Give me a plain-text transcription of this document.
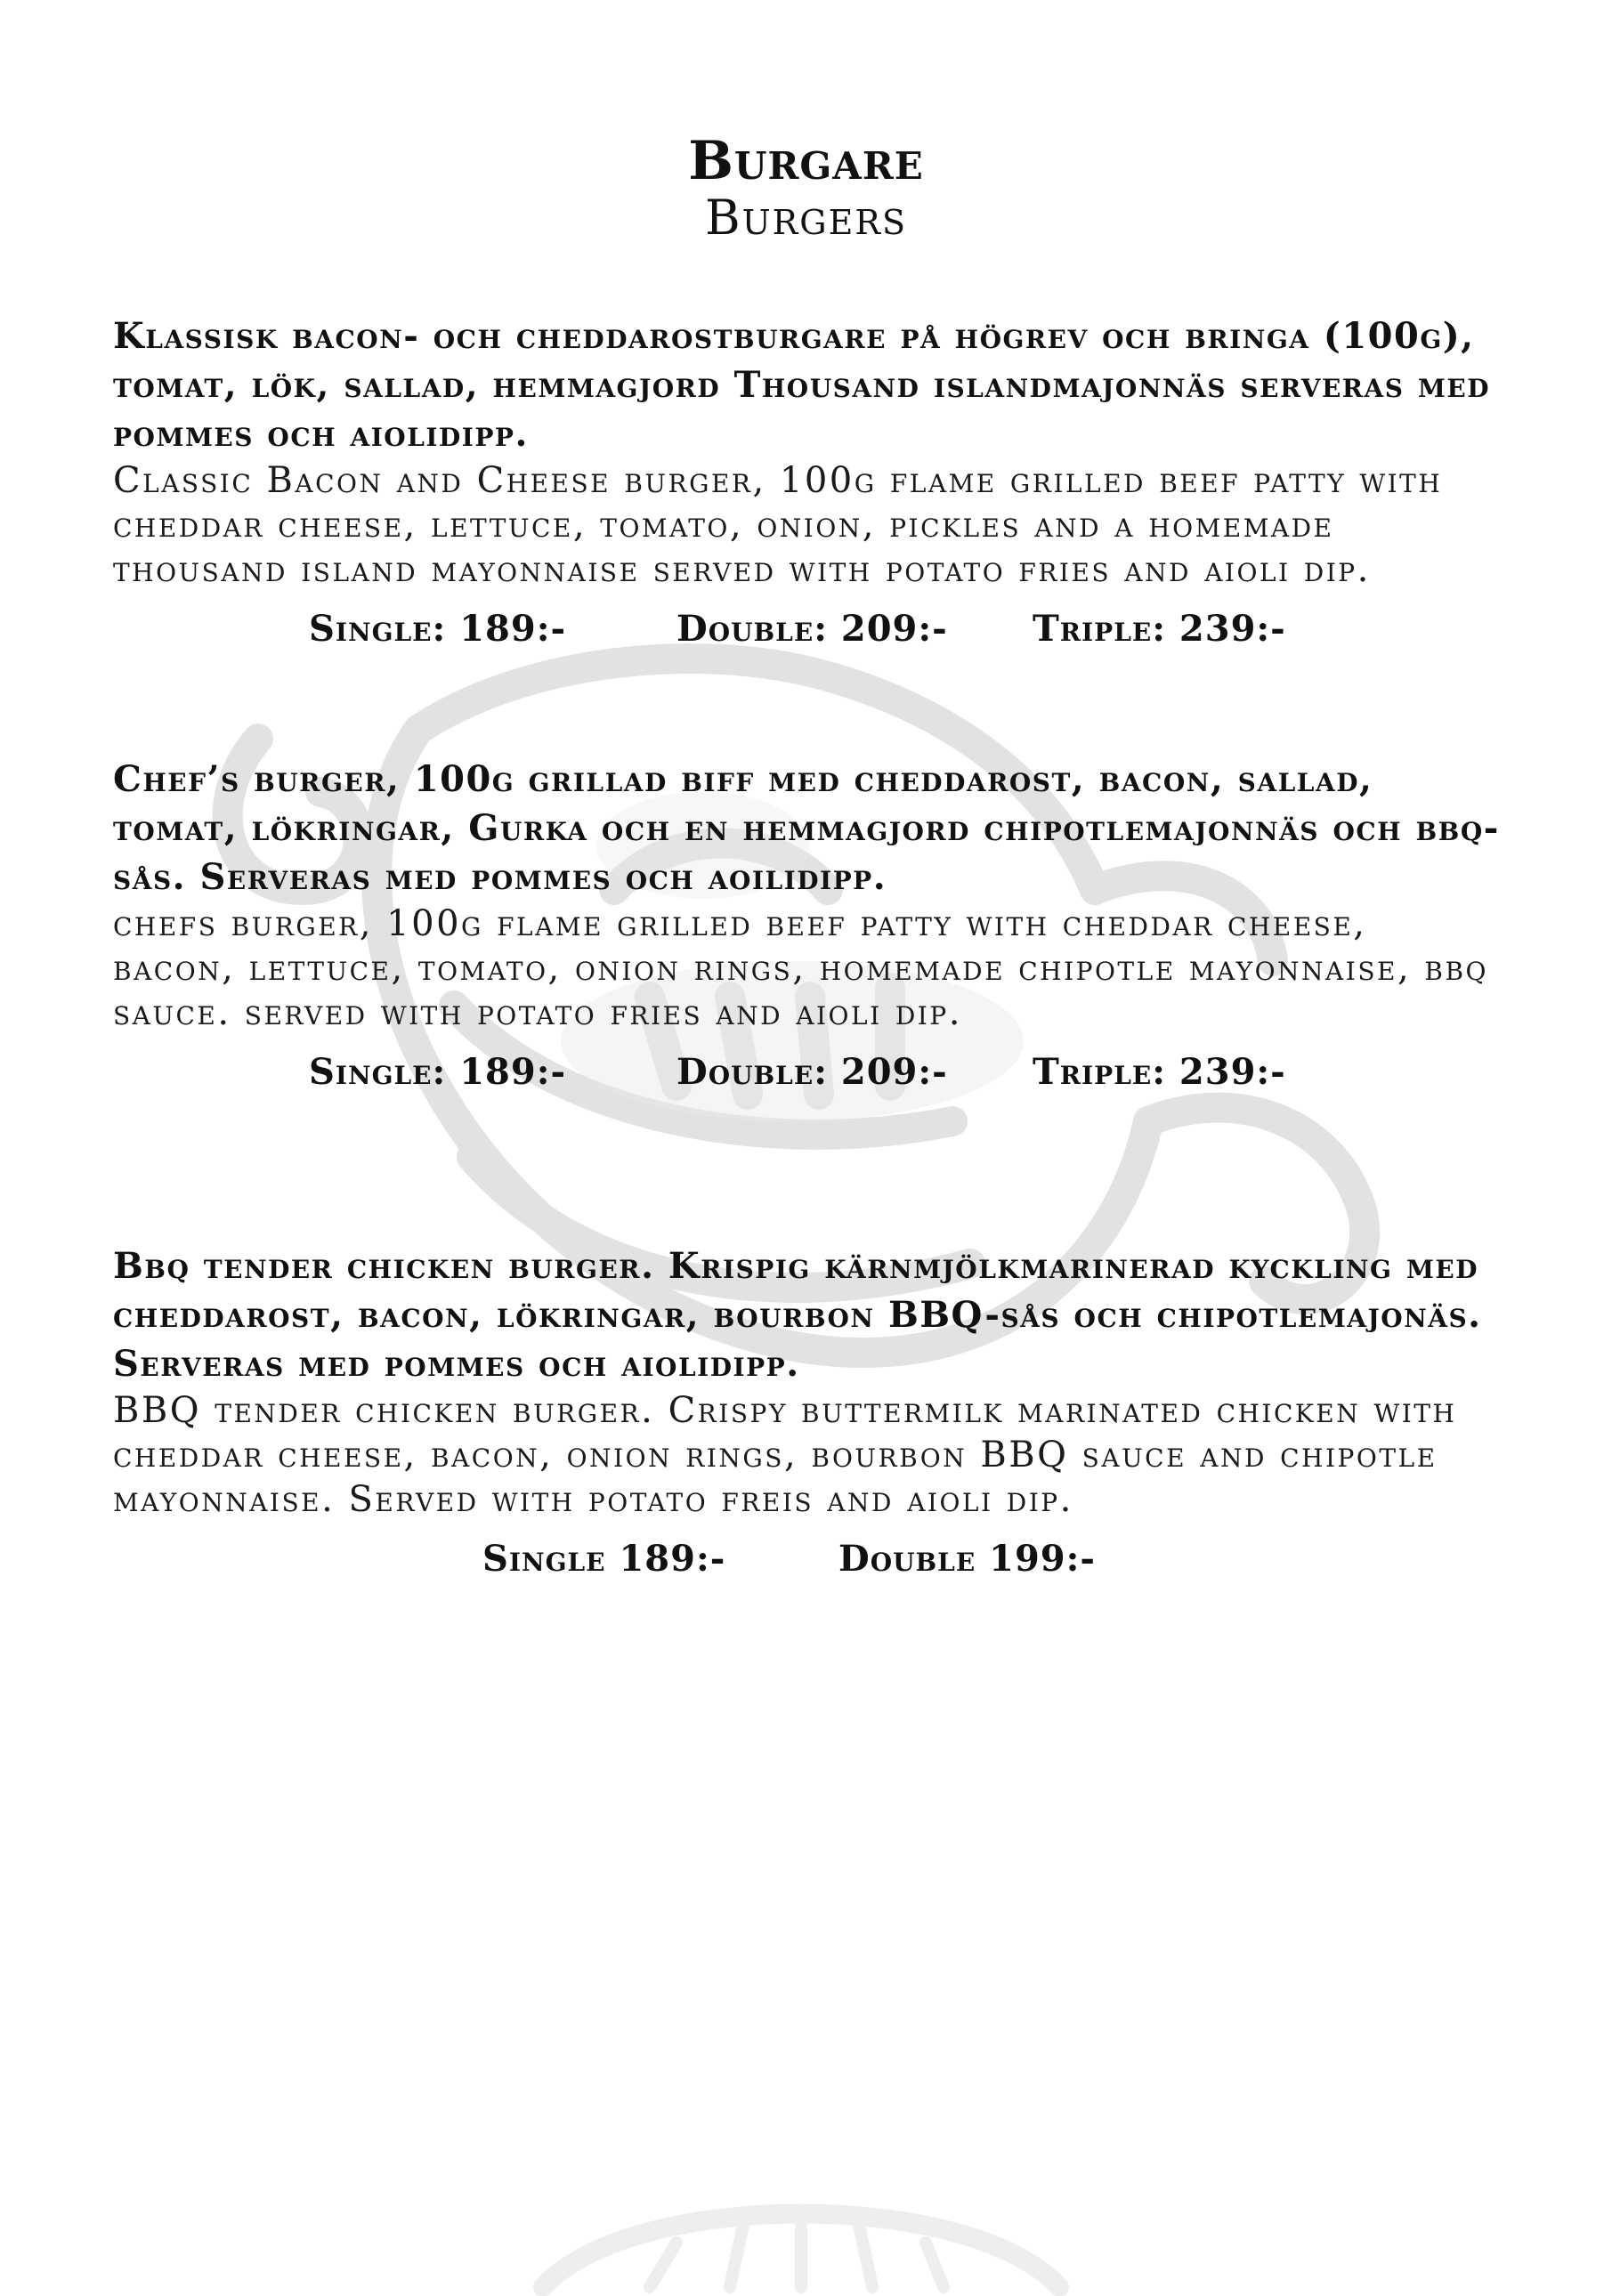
Burgare
Burgers

Klassisk bacon- och cheddarostburgare på högrev och bringa (100g), tomat, lök, sallad, hemmagjord Thousand islandmajonnäs serveras med pommes och aiolidipp.

Classic Bacon and Cheese burger, 100g flame grilled beef patty with cheddar cheese, lettuce, tomato, onion, pickles and a homemade thousand island mayonnaise served with potato fries and aioli dip.

Single: 189:-	Double: 209:- Triple: 239:-

Chef’s burger, 100g grillad biff med cheddarost, bacon, sallad, tomat, lökringar, Gurka och en hemmagjord chipotlemajonnäs och bbq-sås. Serveras med pommes och aoilidipp.

chefs burger, 100g flame grilled beef patty with cheddar cheese, bacon, lettuce, tomato, onion rings, homemade chipotle mayonnaise, bbq sauce. served with potato fries and aioli dip.

Single: 189:-	Double: 209:- Triple: 239:-

Bbq tender chicken burger. Krispig kärnmjölkmarinerad kyckling med cheddarost, bacon, lökringar, bourbon BBQ-sås och chipotlemajonäs. Serveras med pommes och aiolidipp.

BBQ tender chicken burger. Crispy buttermilk marinated chicken with cheddar cheese, bacon, onion rings, bourbon BBQ sauce and chipotle mayonnaise. Served with potato freis and aioli dip.

Single 189:-	Double 199:-
